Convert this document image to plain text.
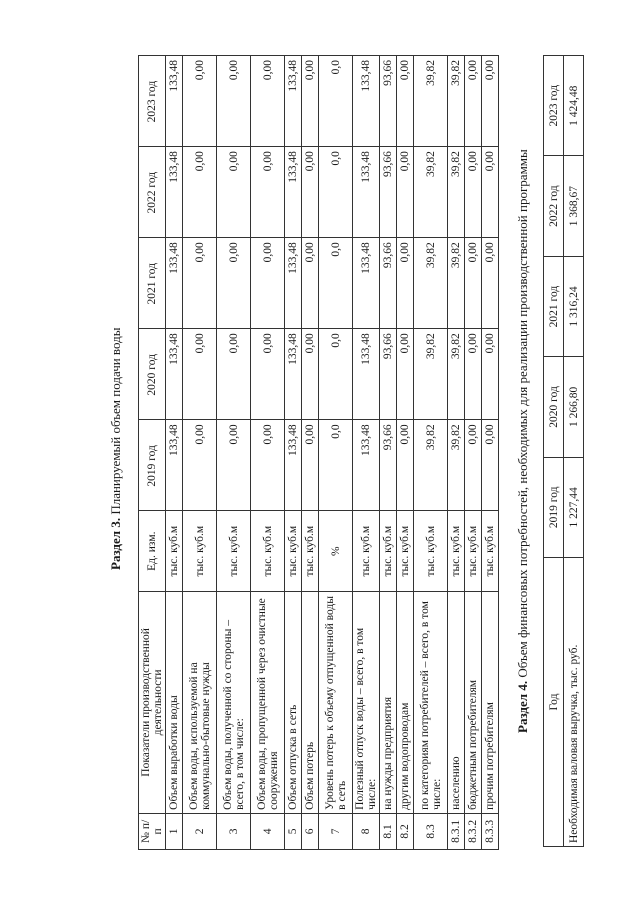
Раздел 3. Планируемый объем подачи воды
№ п/п	Показатели производственной деятельности	Ед. изм.	2019 год	2020 год	2021 год	2022 год	2023 год
1	Объем выработки воды	тыс. куб.м	133,48	133,48	133,48	133,48	133,48
2	Объем воды, используемой на коммунально-бытовые нужды	тыс. куб.м	0,00	0,00	0,00	0,00	0,00
3	Объем воды, полученной со стороны – всего, в том числе:	тыс. куб.м	0,00	0,00	0,00	0,00	0,00
4	Объем воды, пропущенной через очистные сооружения	тыс. куб.м	0,00	0,00	0,00	0,00	0,00
5	Объем отпуска в сеть	тыс. куб.м	133,48	133,48	133,48	133,48	133,48
6	Объем потерь	тыс. куб.м	0,00	0,00	0,00	0,00	0,00
7	Уровень потерь к объему отпущенной воды в сеть	%	0,0	0,0	0,0	0,0	0,0
8	Полезный отпуск воды – всего, в том числе:	тыс. куб.м	133,48	133,48	133,48	133,48	133,48
8.1	на нужды предприятия	тыс. куб.м	93,66	93,66	93,66	93,66	93,66
8.2	другим водопроводам	тыс. куб.м	0,00	0,00	0,00	0,00	0,00
8.3	по категориям потребителей – всего, в том числе:	тыс. куб.м	39,82	39,82	39,82	39,82	39,82
8.3.1	населению	тыс. куб.м	39,82	39,82	39,82	39,82	39,82
8.3.2	бюджетным потребителям	тыс. куб.м	0,00	0,00	0,00	0,00	0,00
8.3.3	прочим потребителям	тыс. куб.м	0,00	0,00	0,00	0,00	0,00
Раздел 4. Объем финансовых потребностей, необходимых для реализации производственной программы
Год	2019 год	2020 год	2021 год	2022 год	2023 год
Необходимая валовая выручка, тыс. руб.	1 227,44	1 266,80	1 316,24	1 368,67	1 424,48
